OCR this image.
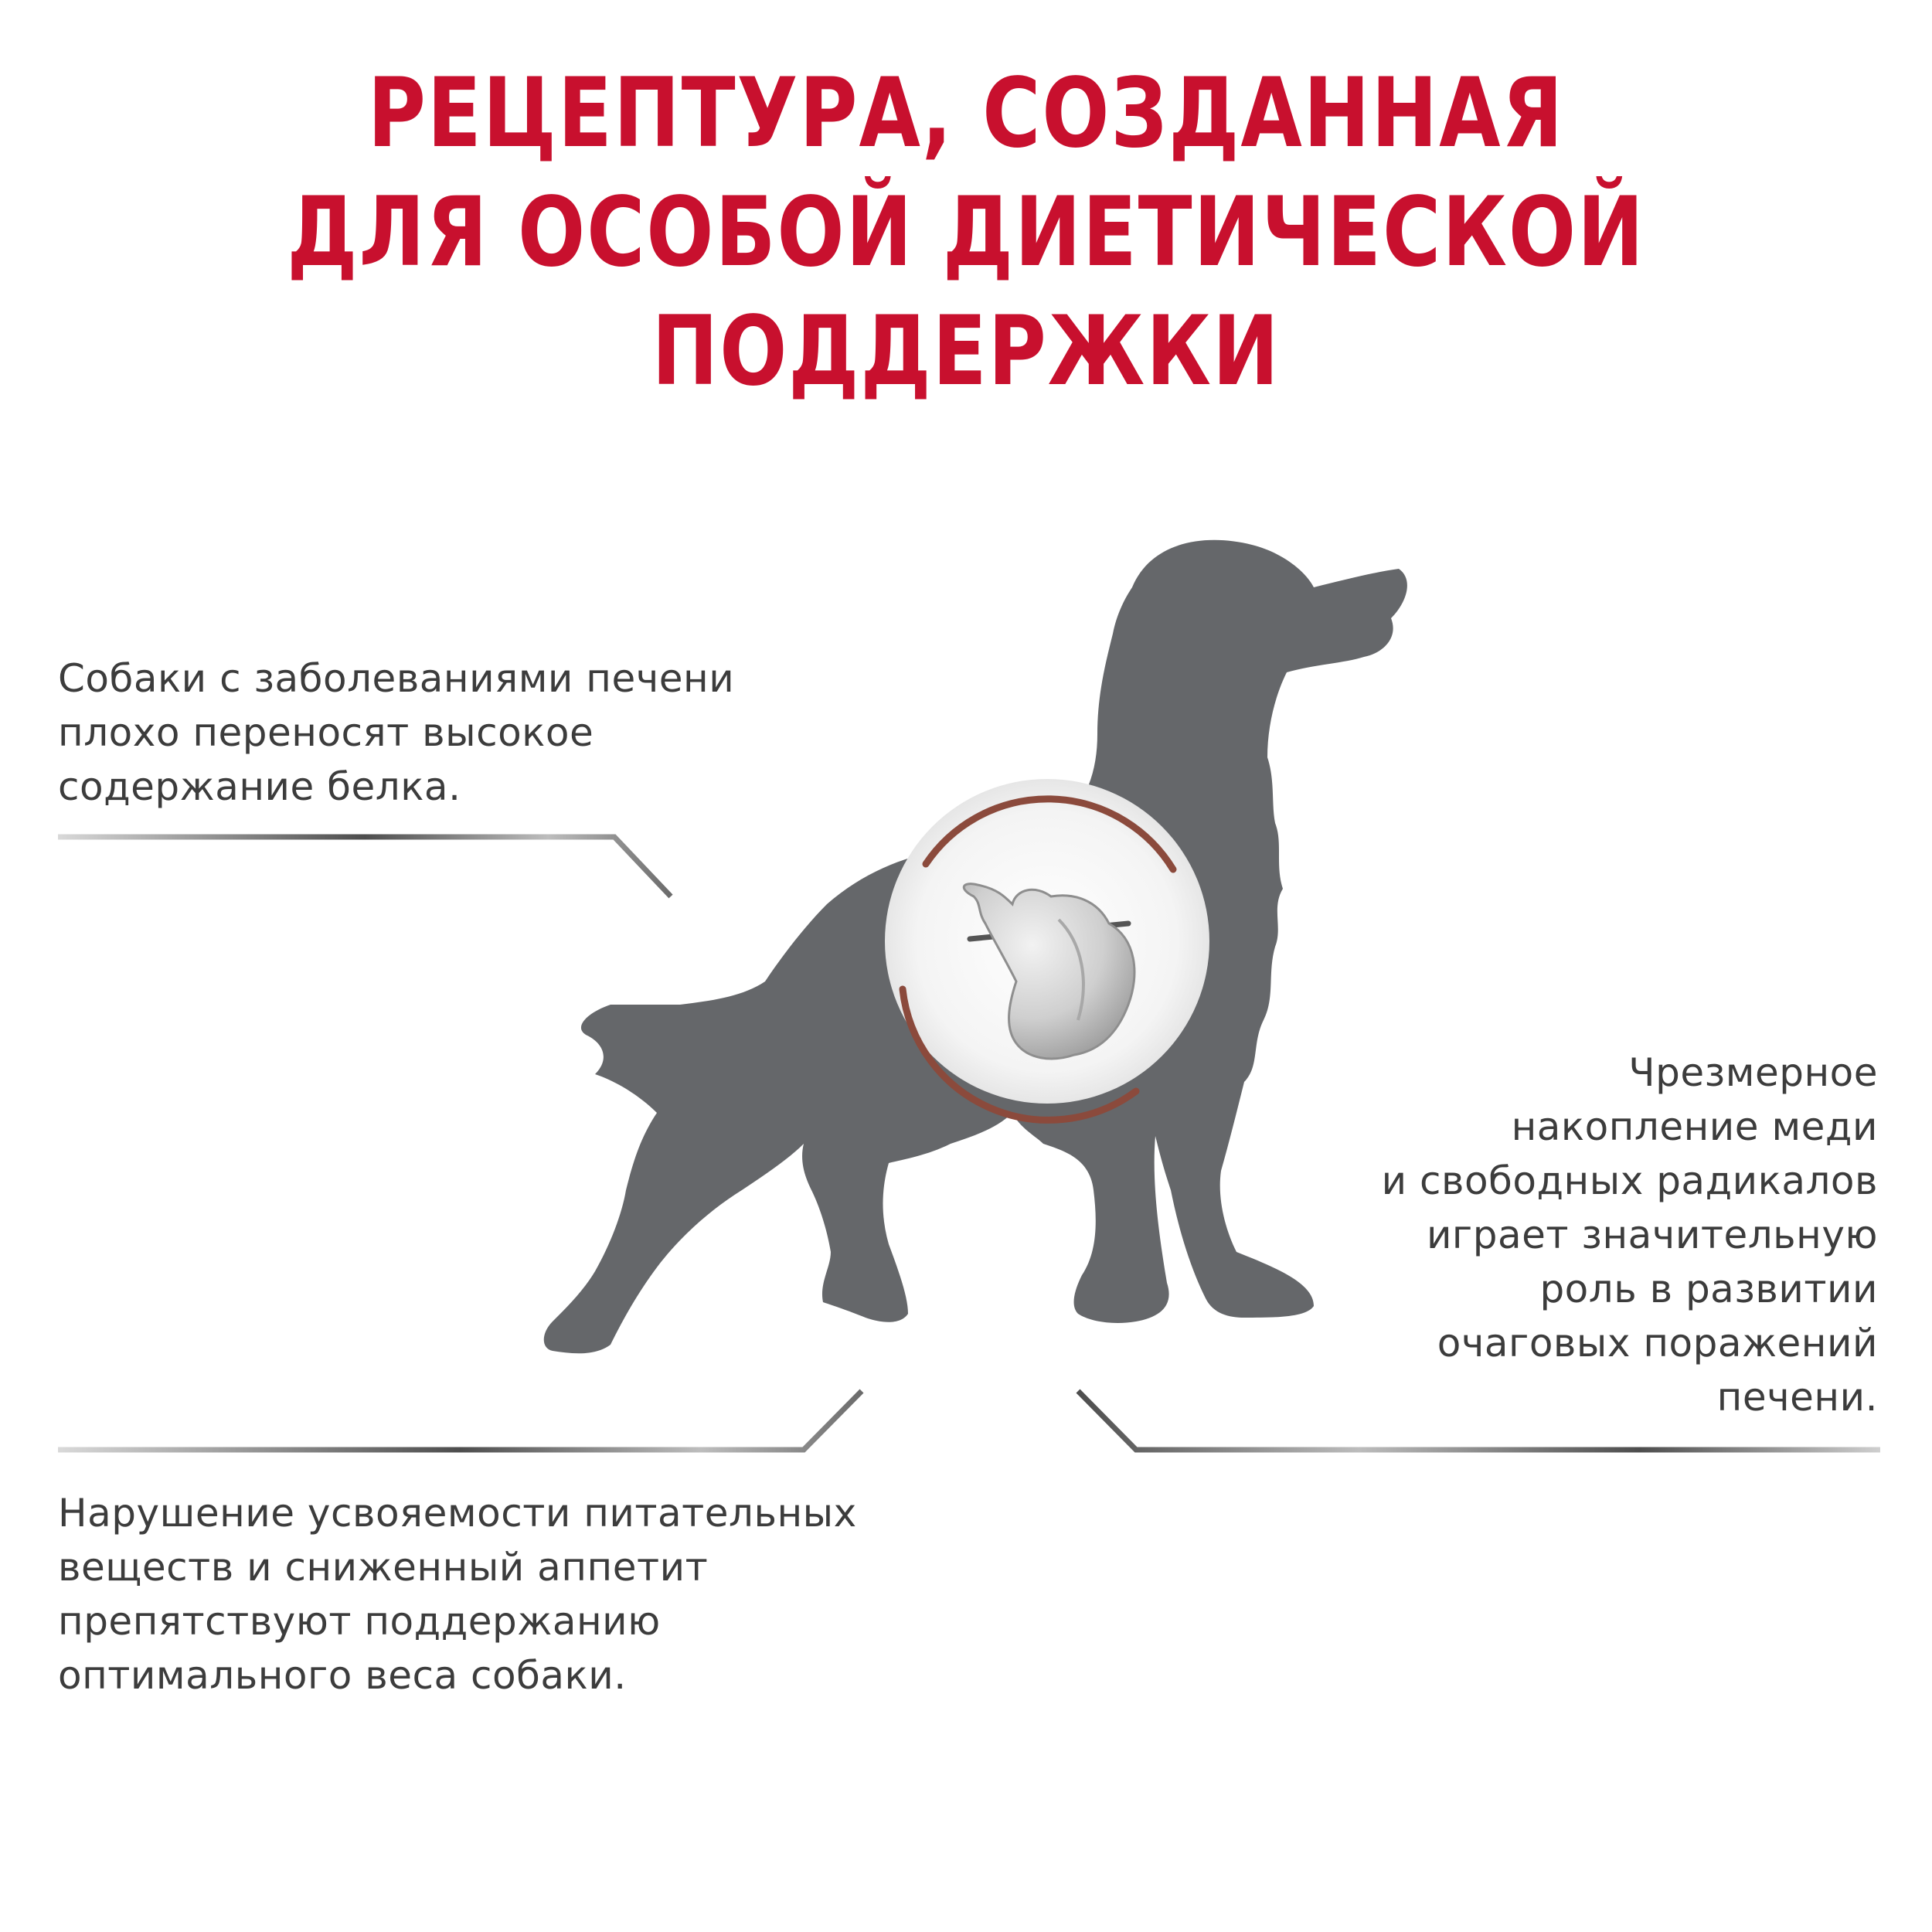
РЕЦЕПТУРА, СОЗДАННАЯ
ДЛЯ ОСОБОЙ ДИЕТИЧЕСКОЙ
ПОДДЕРЖКИ
Собаки с заболеваниями печени
плохо переносят высокое
содержание белка.
Чрезмерное
накопление меди
и свободных радикалов
играет значительную
роль в развитии
очаговых поражений
печени.
Нарушение усвояемости питательных
веществ и сниженный аппетит
препятствуют поддержанию
оптимального веса собаки.
